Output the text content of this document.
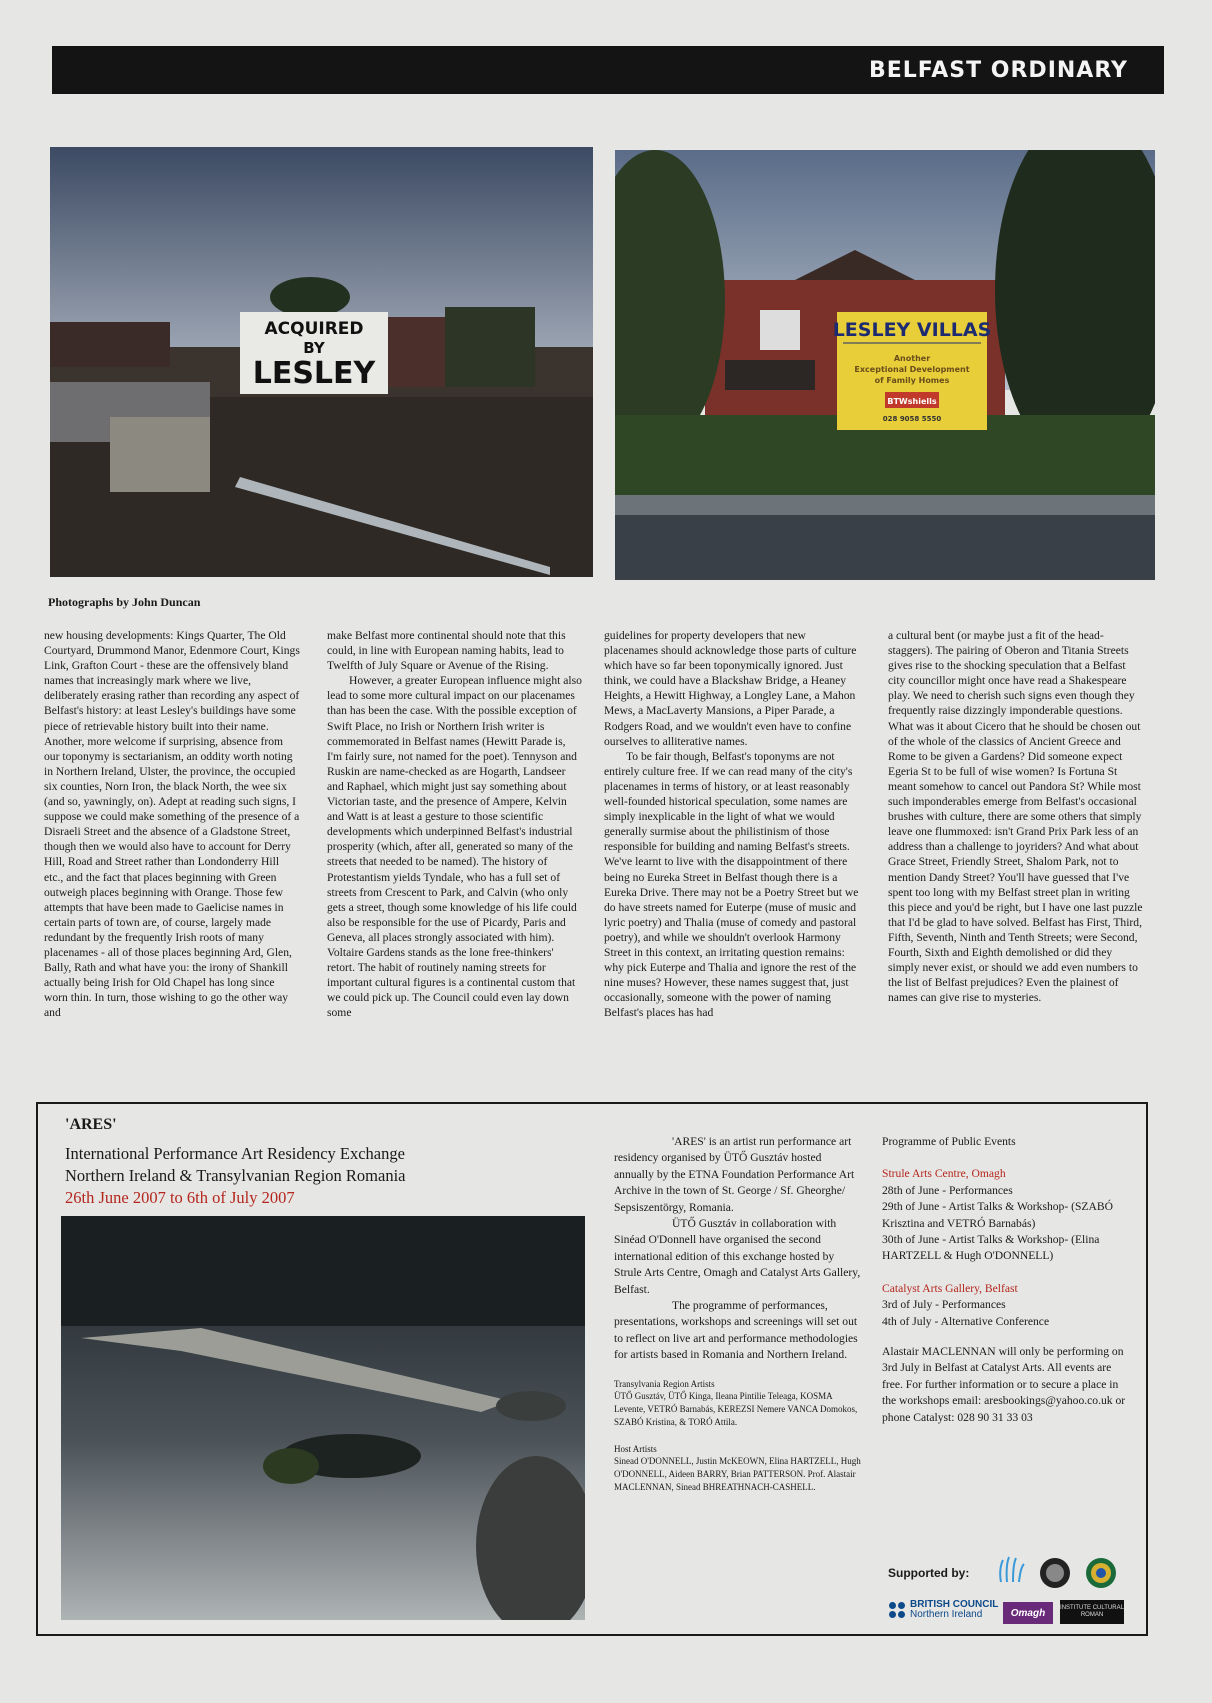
BELFAST ORDINARY
ACQUIRED
BY
LESLEY
LESLEY VILLAS
Another
Exceptional Development
of Family Homes
BTWshiells
028 9058 5550
Photographs by John Duncan

new housing developments: Kings Quarter, The Old Courtyard, Drummond Manor, Edenmore Court, Kings Link, Grafton Court - these are the offensively bland names that increasingly mark where we live, deliberately erasing rather than recording any aspect of Belfast's history: at least Lesley's buildings have some piece of retrievable history built into their name.

Another, more welcome if surprising, absence from our toponymy is sectarianism, an oddity worth noting in Northern Ireland, Ulster, the province, the occupied six counties, Norn Iron, the black North, the wee six (and so, yawningly, on). Adept at reading such signs, I suppose we could make something of the presence of a Disraeli Street and the absence of a Gladstone Street, though then we would also have to account for Derry Hill, Road and Street rather than Londonderry Hill etc., and the fact that places beginning with Green outweigh places beginning with Orange. Those few attempts that have been made to Gaelicise names in certain parts of town are, of course, largely made redundant by the frequently Irish roots of many placenames - all of those places beginning Ard, Glen, Bally, Rath and what have you: the irony of Shankill actually being Irish for Old Chapel has long since worn thin. In turn, those wishing to go the other way and

make Belfast more continental should note that this could, in line with European naming habits, lead to Twelfth of July Square or Avenue of the Rising.

However, a greater European influence might also lead to some more cultural impact on our placenames than has been the case. With the possible exception of Swift Place, no Irish or Northern Irish writer is commemorated in Belfast names (Hewitt Parade is, I'm fairly sure, not named for the poet). Tennyson and Ruskin are name-checked as are Hogarth, Landseer and Raphael, which might just say something about Victorian taste, and the presence of Ampere, Kelvin and Watt is at least a gesture to those scientific developments which underpinned Belfast's industrial prosperity (which, after all, generated so many of the streets that needed to be named). The history of Protestantism yields Tyndale, who has a full set of streets from Crescent to Park, and Calvin (who only gets a street, though some knowledge of his life could also be responsible for the use of Picardy, Paris and Geneva, all places strongly associated with him). Voltaire Gardens stands as the lone free-thinkers' retort. The habit of routinely naming streets for important cultural figures is a continental custom that we could pick up. The Council could even lay down some

guidelines for property developers that new placenames should acknowledge those parts of culture which have so far been toponymically ignored. Just think, we could have a Blackshaw Bridge, a Heaney Heights, a Hewitt Highway, a Longley Lane, a Mahon Mews, a MacLaverty Mansions, a Piper Parade, a Rodgers Road, and we wouldn't even have to confine ourselves to alliterative names.

To be fair though, Belfast's toponyms are not entirely culture free. If we can read many of the city's placenames in terms of history, or at least reasonably well-founded historical speculation, some names are simply inexplicable in the light of what we would generally surmise about the philistinism of those responsible for building and naming Belfast's streets. We've learnt to live with the disappointment of there being no Eureka Street in Belfast though there is a Eureka Drive. There may not be a Poetry Street but we do have streets named for Euterpe (muse of music and lyric poetry) and Thalia (muse of comedy and pastoral poetry), and while we shouldn't overlook Harmony Street in this context, an irritating question remains: why pick Euterpe and Thalia and ignore the rest of the nine muses? However, these names suggest that, just occasionally, someone with the power of naming Belfast's places has had

a cultural bent (or maybe just a fit of the head-staggers). The pairing of Oberon and Titania Streets gives rise to the shocking speculation that a Belfast city councillor might once have read a Shakespeare play. We need to cherish such signs even though they frequently raise dizzingly imponderable questions. What was it about Cicero that he should be chosen out of the whole of the classics of Ancient Greece and Rome to be given a Gardens? Did someone expect Egeria St to be full of wise women? Is Fortuna St meant somehow to cancel out Pandora St? While most such imponderables emerge from Belfast's occasional brushes with culture, there are some others that simply leave one flummoxed: isn't Grand Prix Park less of an address than a challenge to joyriders? And what about Grace Street, Friendly Street, Shalom Park, not to mention Dandy Street? You'll have guessed that I've spent too long with my Belfast street plan in writing this piece and you'd be right, but I have one last puzzle that I'd be glad to have solved. Belfast has First, Third, Fifth, Seventh, Ninth and Tenth Streets; were Second, Fourth, Sixth and Eighth demolished or did they simply never exist, or should we add even numbers to the list of Belfast prejudices? Even the plainest of names can give rise to mysteries.

'ARES'
International Performance Art Residency Exchange
Northern Ireland & Transylvanian Region Romania
26th June 2007 to 6th of July 2007

'ARES' is an artist run performance art residency organised by ÜTŐ Gusztáv hosted annually by the ETNA Foundation Performance Art Archive in the town of St. George / Sf. Gheorghe/ Sepsiszentörgy, Romania.

ÜTŐ Gusztáv in collaboration with Sinéad O'Donnell have organised the second international edition of this exchange hosted by Strule Arts Centre, Omagh and Catalyst Arts Gallery, Belfast.

The programme of performances, presentations, workshops and screenings will set out to reflect on live art and performance methodologies for artists based in Romania and Northern Ireland.

Transylvania Region Artists
ÜTŐ Gusztáv, ÜTŐ Kinga, Ileana Pintilie Teleaga, KOSMA Levente, VETRÓ Barnabás, KEREZSI Nemere VANCA Domokos, SZABÓ Kristina, & TORÓ Attila.
Host Artists
Sinead O'DONNELL, Justin McKEOWN, Elina HARTZELL, Hugh O'DONNELL, Aideen BARRY, Brian PATTERSON. Prof. Alastair MACLENNAN, Sinead BHREATHNACH-CASHELL.
Programme of Public Events
Strule Arts Centre, Omagh
28th of June - Performances
29th of June - Artist Talks & Workshop- (SZABÓ Krisztina and VETRÓ Barnabás)
30th of June - Artist Talks & Workshop- (Elina HARTZELL & Hugh O'DONNELL)
Catalyst Arts Gallery, Belfast
3rd of July - Performances
4th of July - Alternative Conference
Alastair MACLENNAN will only be performing on 3rd July in Belfast at Catalyst Arts. All events are free. For further information or to secure a place in the workshops email: aresbookings@yahoo.co.uk or phone Catalyst: 028 90 31 33 03
Supported by:
BRITISH COUNCIL
Northern Ireland	Omagh	INSTITUTE CULTURAL ROMAN
